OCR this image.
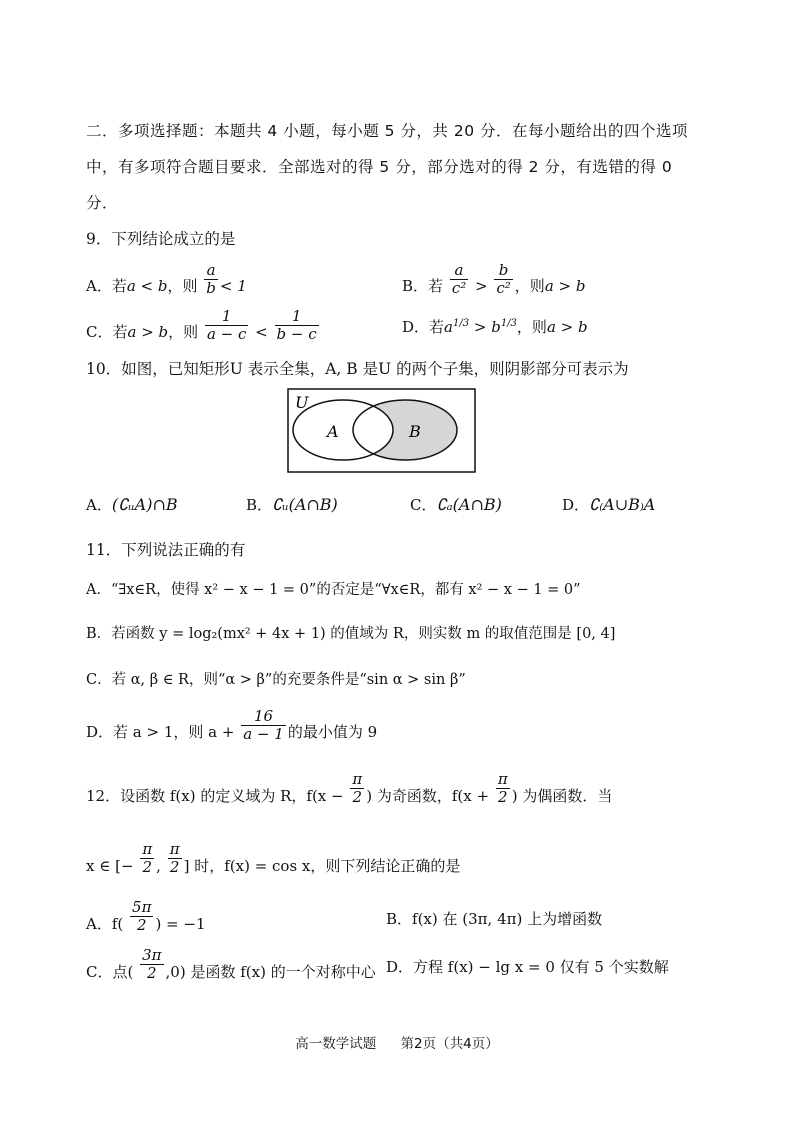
二．多项选择题：本题共 4 小题，每小题 5 分，共 20 分．在每小题给出的四个选项
中，有多项符合题目要求．全部选对的得 5 分，部分选对的得 2 分，有选错的得 0
分．
9．下列结论成立的是
A．若a < b，则 $\frac{a}{b} < 1$	B．若 $\frac{a}{\text{c²}} > \frac{b}{\text{c²}}$ ，则a > b
C．若a > b，则 $\frac{1}{a - c} < \frac{1}{b - c}$	D．若$a^{1/3} > b^{1/3}$，则a > b
10．如图，已知矩形U 表示全集，A, B 是U 的两个子集，则阴影部分可表示为
U
A	B
A．(∁ᵤA)∩B	B．∁ᵤ(A∩B)	C．∁ₐ(A∩B)	D．∁₍A∪B₎A
11．下列说法正确的有
A．“∃x∈R，使得 x² − x − 1 = 0”的否定是“∀x∈R，都有 x² − x − 1 = 0”
B．若函数 y = log₂(mx² + 4x + 1) 的值域为 R，则实数 m 的取值范围是 [0, 4]
C．若 α, β ∈ R，则“α > β”的充要条件是“sin α > sin β”
D．若 a > 1，则 $a + \frac{16}{a - 1}$ 的最小值为 9
12．设函数 f(x) 的定义域为 R，$f(x - \frac{\pi}{2}$ ) 为奇函数，$f(x + \frac{\pi}{2}$ ) 为偶函数．当
x ∈ [− $\frac{\pi}{2}$ , $\frac{\pi}{2}$ ] 时，f(x) = cos x，则下列结论正确的是
A．$f( \frac{5\pi}{2}$ ) = −1	B．f(x) 在 (3π, 4π) 上为增函数
C．点( $\frac{3\pi}{2} ,0$) 是函数 f(x) 的一个对称中心 D．方程 f(x) − lg x = 0 仅有 5 个实数解
高一数学试题 第2页（共4页）
